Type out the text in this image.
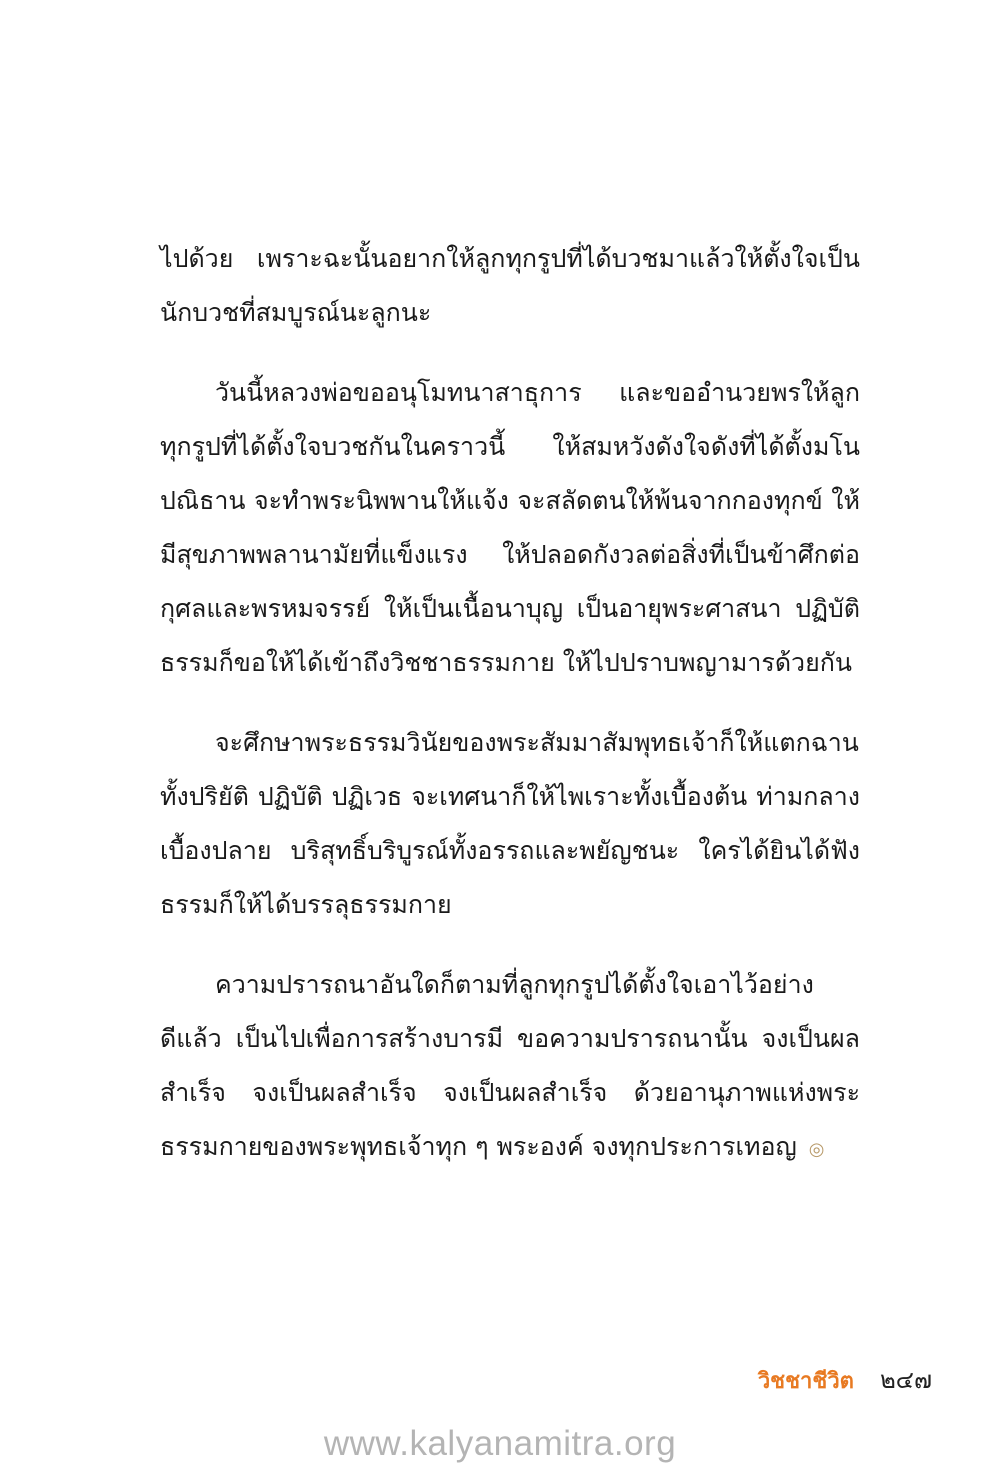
ไปด้วย เพราะฉะนั้นอยากให้ลูกทุกรูปที่ได้บวชมาแล้วให้ตั้งใจเป็นนักบวชที่สมบูรณ์นะลูกนะ

วันนี้หลวงพ่อขออนุโมทนาสาธุการ และขออำนวยพรให้ลูกทุกรูปที่ได้ตั้งใจบวชกันในคราวนี้ ให้สมหวังดังใจดังที่ได้ตั้งมโนปณิธาน จะทำพระนิพพานให้แจ้ง จะสลัดตนให้พ้นจากกองทุกข์ ให้มีสุขภาพพลานามัยที่แข็งแรง ให้ปลอดกังวลต่อสิ่งที่เป็นข้าศึกต่อกุศลและพรหมจรรย์ ให้เป็นเนื้อนาบุญ เป็นอายุพระศาสนา ปฏิบัติธรรมก็ขอให้ได้เข้าถึงวิชชาธรรมกาย ให้ไปปราบพญามารด้วยกัน

จะศึกษาพระธรรมวินัยของพระสัมมาสัมพุทธเจ้าก็ให้แตกฉานทั้งปริยัติ ปฏิบัติ ปฏิเวธ จะเทศนาก็ให้ไพเราะทั้งเบื้องต้น ท่ามกลางเบื้องปลาย บริสุทธิ์บริบูรณ์ทั้งอรรถและพยัญชนะ ใครได้ยินได้ฟังธรรมก็ให้ได้บรรลุธรรมกาย

ความปรารถนาอันใดก็ตามที่ลูกทุกรูปได้ตั้งใจเอาไว้อย่างดีแล้ว เป็นไปเพื่อการสร้างบารมี ขอความปรารถนานั้น จงเป็นผลสำเร็จ จงเป็นผลสำเร็จ จงเป็นผลสำเร็จ ด้วยอานุภาพแห่งพระธรรมกายของพระพุทธเจ้าทุก ๆ พระองค์ จงทุกประการเทอญ ◎

วิชชาชีวิต ๒๔๗
www.kalyanamitra.org
